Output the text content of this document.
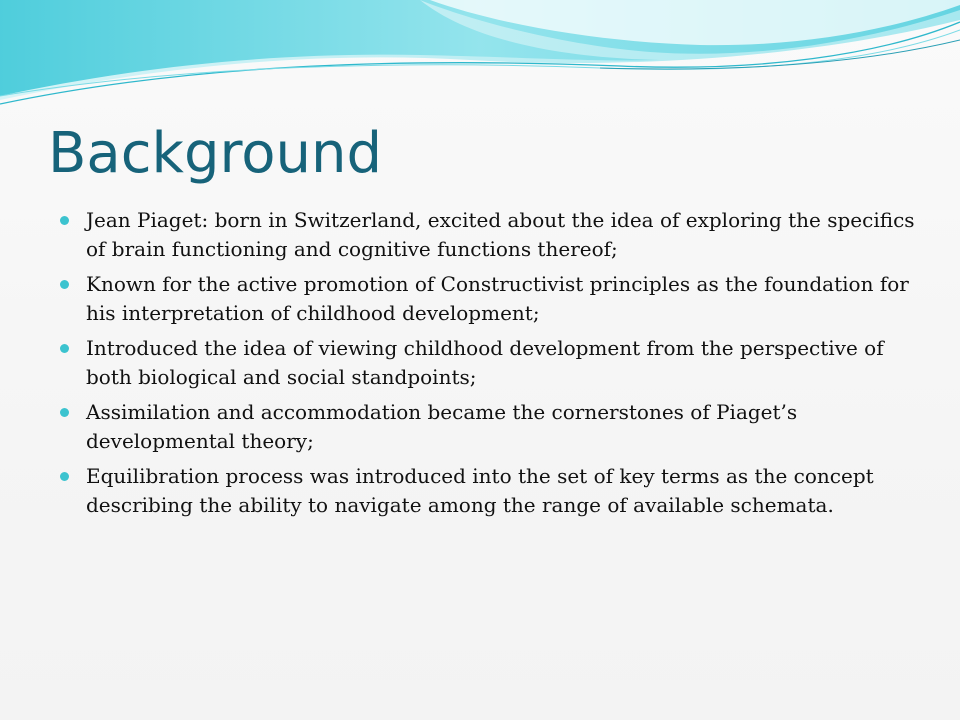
Background
Jean Piaget: born in Switzerland, excited about the idea of exploring the specifics of brain functioning and cognitive functions thereof;
Known for the active promotion of Constructivist principles as the foundation for his interpretation of childhood development;
Introduced the idea of viewing childhood development from the perspective of both biological and social standpoints;
Assimilation and accommodation became the cornerstones of Piaget’s developmental theory;
Equilibration process was introduced into the set of key terms as the concept describing the ability to navigate among the range of available schemata.
